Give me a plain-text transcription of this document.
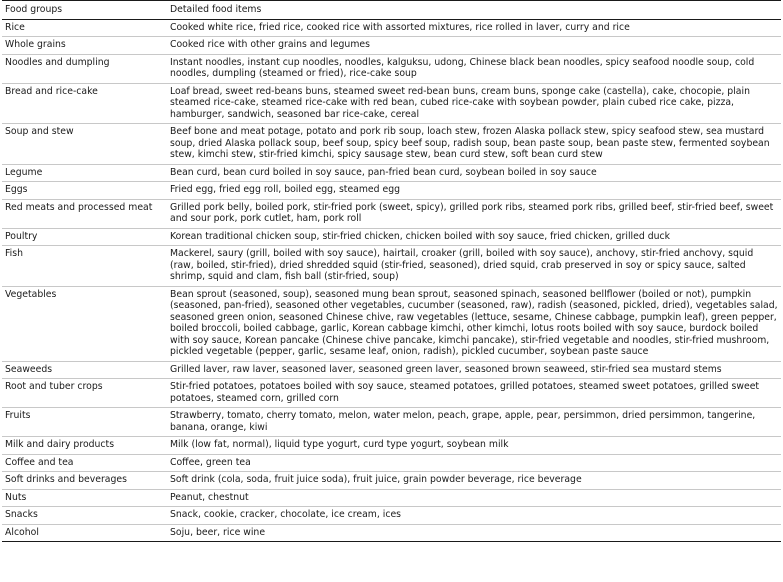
Food groups	Detailed food items
Rice	Cooked white rice, fried rice, cooked rice with assorted mixtures, rice rolled in laver, curry and rice
Whole grains	Cooked rice with other grains and legumes
Noodles and dumpling	Instant noodles, instant cup noodles, noodles, kalguksu, udong, Chinese black bean noodles, spicy seafood noodle soup, cold noodles, dumpling (steamed or fried), rice-cake soup
Bread and rice-cake	Loaf bread, sweet red-beans buns, steamed sweet red-bean buns, cream buns, sponge cake (castella), cake, chocopie, plain steamed rice-cake, steamed rice-cake with red bean, cubed rice-cake with soybean powder, plain cubed rice cake, pizza, hamburger, sandwich, seasoned bar rice-cake, cereal
Soup and stew	Beef bone and meat potage, potato and pork rib soup, loach stew, frozen Alaska pollack stew, spicy seafood stew, sea mustard soup, dried Alaska pollack soup, beef soup, spicy beef soup, radish soup, bean paste soup, bean paste stew, fermented soybean stew, kimchi stew, stir-fried kimchi, spicy sausage stew, bean curd stew, soft bean curd stew
Legume	Bean curd, bean curd boiled in soy sauce, pan-fried bean curd, soybean boiled in soy sauce
Eggs	Fried egg, fried egg roll, boiled egg, steamed egg
Red meats and processed meat	Grilled pork belly, boiled pork, stir-fried pork (sweet, spicy), grilled pork ribs, steamed pork ribs, grilled beef, stir-fried beef, sweet and sour pork, pork cutlet, ham, pork roll
Poultry	Korean traditional chicken soup, stir-fried chicken, chicken boiled with soy sauce, fried chicken, grilled duck
Fish	Mackerel, saury (grill, boiled with soy sauce), hairtail, croaker (grill, boiled with soy sauce), anchovy, stir-fried anchovy, squid (raw, boiled, stir-fried), dried shredded squid (stir-fried, seasoned), dried squid, crab preserved in soy or spicy sauce, salted shrimp, squid and clam, fish ball (stir-fried, soup)
Vegetables	Bean sprout (seasoned, soup), seasoned mung bean sprout, seasoned spinach, seasoned bellflower (boiled or not), pumpkin (seasoned, pan-fried), seasoned other vegetables, cucumber (seasoned, raw), radish (seasoned, pickled, dried), vegetables salad, seasoned green onion, seasoned Chinese chive, raw vegetables (lettuce, sesame, Chinese cabbage, pumpkin leaf), green pepper, boiled broccoli, boiled cabbage, garlic, Korean cabbage kimchi, other kimchi, lotus roots boiled with soy sauce, burdock boiled with soy sauce, Korean pancake (Chinese chive pancake, kimchi pancake), stir-fried vegetable and noodles, stir-fried mushroom, pickled vegetable (pepper, garlic, sesame leaf, onion, radish), pickled cucumber, soybean paste sauce
Seaweeds	Grilled laver, raw laver, seasoned laver, seasoned green laver, seasoned brown seaweed, stir-fried sea mustard stems
Root and tuber crops	Stir-fried potatoes, potatoes boiled with soy sauce, steamed potatoes, grilled potatoes, steamed sweet potatoes, grilled sweet potatoes, steamed corn, grilled corn
Fruits	Strawberry, tomato, cherry tomato, melon, water melon, peach, grape, apple, pear, persimmon, dried persimmon, tangerine, banana, orange, kiwi
Milk and dairy products	Milk (low fat, normal), liquid type yogurt, curd type yogurt, soybean milk
Coffee and tea	Coffee, green tea
Soft drinks and beverages	Soft drink (cola, soda, fruit juice soda), fruit juice, grain powder beverage, rice beverage
Nuts	Peanut, chestnut
Snacks	Snack, cookie, cracker, chocolate, ice cream, ices
Alcohol	Soju, beer, rice wine
